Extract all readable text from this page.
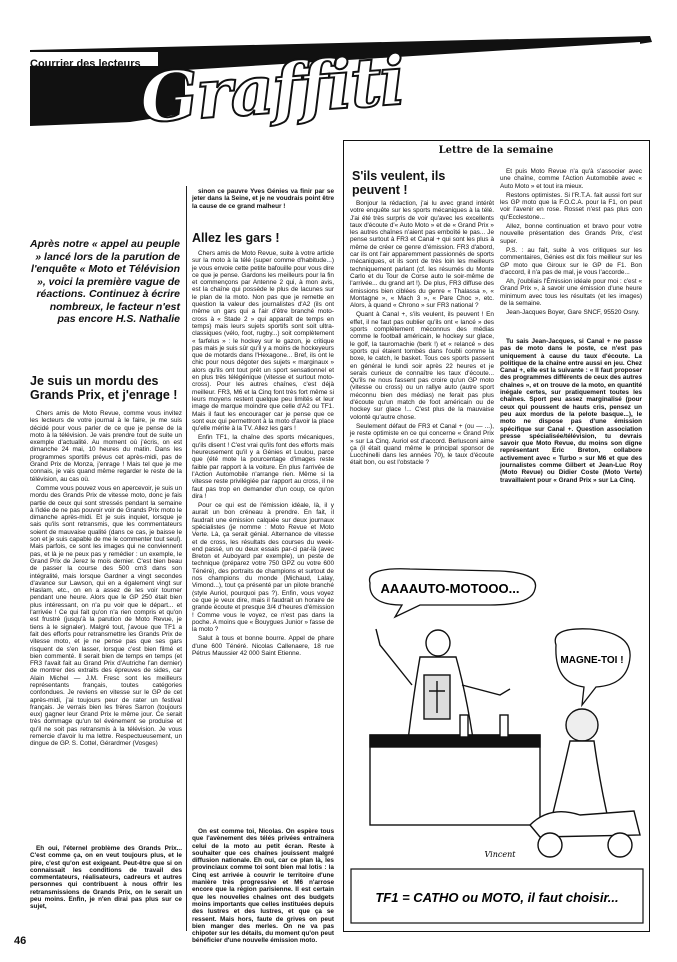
Courrier des lecteurs
Graffiti
Après notre « appel au peuple » lancé lors de la parution de l'enquête « Moto et Télévision », voici la première vague de réactions. Continuez à écrire nombreux, le facteur n'est pas encore H.S. Nathalie
Je suis un mordu des Grands Prix, et j'enrage !

Chers amis de Moto Revue, comme vous invitez les lecteurs de votre journal à le faire, je me suis décidé pour vous parler de ce que je pense de la moto à la télévision. Je vais prendre tout de suite un exemple d'actualité. Au moment où j'écris, on est dimanche 24 mai, 10 heures du matin. Dans les programmes sportifs prévus cet après-midi, pas de Grand Prix de Monza, j'enrage ! Mais tel que je me connais, je vais quand même regarder le reste de la télévision, au cas où.

Comme vous pouvez vous en apercevoir, je suis un mordu des Grands Prix de vitesse moto, donc je fais partie de ceux qui sont stressés pendant la semaine à l'idée de ne pas pouvoir voir de Grands Prix moto le dimanche après-midi. Et je suis inquiet, lorsque je sais qu'ils sont retransmis, que les commentateurs soient de mauvaise qualité (dans ce cas, je baisse le son et je suis capable de me le commenter tout seul). Mais parfois, ce sont les images qui ne conviennent pas, et là je ne peux pas y remédier : un exemple, le Grand Prix de Jerez le mois dernier. C'est bien beau de passer la course des 500 cm3 dans son intégralité, mais lorsque Gardner a vingt secondes d'avance sur Lawson, qui en a également vingt sur Haslam, etc., on en a assez de les voir tourner pendant une heure. Alors que le GP 250 était bien plus intéressant, on n'a pu voir que le départ... et l'arrivée ! Ce qui fait qu'on n'a rien compris et qu'on est frustré (jusqu'à la parution de Moto Revue, je tiens à le signaler). Malgré tout, j'avoue que TF1 a fait des efforts pour retransmettre les Grands Prix de vitesse moto, et je ne pense pas que ses gars risquent de s'en lasser, lorsque c'est bien filmé et bien commenté. Il serait bien de temps en temps (et FR3 l'avait fait au Grand Prix d'Autriche l'an dernier) de montrer des extraits des épreuves de sides, car Alain Michel — J.M. Fresc sont les meilleurs représentants français, toutes catégories confondues. Je reviens en vitesse sur le GP de cet après-midi, j'ai toujours peur de rater un festival français. Je verrais bien les frères Sarron (toujours eux) gagner leur Grand Prix le même jour. Ce serait très dommage qu'un tel événement se produise et qu'il ne soit pas retransmis à la télévision. Je vous remercie d'avoir lu ma lettre. Respectueusement, un dingue de GP. S. Cottel, Gérardmer (Vosges)

Eh oui, l'éternel problème des Grands Prix... C'est comme ça, on en veut toujours plus, et le pire, c'est qu'on est exigeant. Peut-être que si on connaissait les conditions de travail des commentateurs, réalisateurs, cadreurs et autres personnes qui contribuent à nous offrir les retransmissions de Grands Prix, on le serait un peu moins. Enfin, je n'en dirai pas plus sur ce sujet,

sinon ce pauvre Yves Génies va finir par se jeter dans la Seine, et je ne voudrais point être la cause de ce grand malheur !

Allez les gars !

Chers amis de Moto Revue, suite à votre article sur la moto à la télé (super comme d'habitude...) je vous envoie cette petite bafouille pour vous dire ce que je pense. Gardons les meilleurs pour la fin et commençons par Antenne 2 qui, à mon avis, est la chaîne qui possède le plus de lacunes sur le plan de la moto. Non pas que je remette en question la valeur des journalistes d'A2 (ils ont même un gars qui a l'air d'être branché moto-cross à « Stade 2 » qui apparaît de temps en temps) mais leurs sujets sportifs sont soit ultra-classiques (vélo, foot, rugby...) soit complètement « farfelus » : le hockey sur le gazon, je critique pas mais je suis sûr qu'il y a moins de hockeyeurs que de motards dans l'Hexagone... Bref, ils ont le chic pour nous dégoter des sujets « marginaux » alors qu'ils ont tout prêt un sport sensationnel et en plus très télégénique (vitesse et surtout moto-cross). Pour les autres chaînes, c'est déjà meilleur. FR3, M6 et la Cinq font très fort même si leurs moyens restent quelque peu limités et leur image de marque moindre que celle d'A2 ou TF1. Mais il faut les encourager car je pense que ce sont eux qui permettront à la moto d'avoir la place qu'elle mérite à la TV. Allez les gars !

Enfin TF1, la chaîne des sports mécaniques, qu'ils disent ! C'est vrai qu'ils font des efforts mais heureusement qu'il y a Génies et Loulou, parce que (été mote la pourcentage d'images reste faible par rapport à la voiture. En plus l'arrivée de l'Action Automobile n'arrange rien. Même si la vitesse reste privilégiée par rapport au cross, il ne faut pas trop en demander d'un coup, ce qu'on dira !

Pour ce qui est de l'émission idéale, là, il y aurait un bon créneau à prendre. En fait, il faudrait une émission calquée sur deux journaux spécialistes (je nomme : Moto Revue et Moto Verte. Là, ça serait génial. Alternance de vitesse et de cross, les résultats des courses du week-end passé, un ou deux essais par-ci par-là (avec Breton et Auboyard par exemple), un peste de technique (préparez votre 750 GPZ ou votre 600 Ténéré), des portraits de champions et surtout de nos champions du monde (Michaud, Lalay, Vimond...), tout ça présenté par un pilote branché (style Auriol, pourquoi pas ?). Enfin, vous voyez ce que je veux dire, mais il faudrait un horaire de grande écoute et presque 3/4 d'heures d'émission ! Comme vous le voyez, ce n'est pas dans la poche. A moins que « Bouygues Junior » fasse de la moto ?

Salut à tous et bonne bourre. Appel de phare d'une 600 Ténéré. Nicolas Callenaere, 18 rue Pétrus Maussier 42 000 Saint Etienne.

On est comme toi, Nicolas. On espère tous que l'avènement des télés privées entraînera celui de la moto au petit écran. Reste à souhaiter que ces chaînes jouissent malgré diffusion nationale. Eh oui, car ce plan là, les provinciaux comme toi sont bien mal lotis : la Cinq est arrivée à couvrir le territoire d'une manière très progressive et M6 n'arrose encore que la région parisienne. Il est certain que les nouvelles chaînes ont des budgets moins importants que celles instituées depuis des lustres et des lustres, et que ça se ressent. Mais hors, faute de grives on peut bien manger des merles. On ne va pas chipoter sur les détails, du moment qu'on peut bénéficier d'une nouvelle émission moto.

Lettre de la semaine
S'ils veulent, ils peuvent !

Bonjour la rédaction, j'ai lu avec grand intérêt votre enquête sur les sports mécaniques à la télé. J'ai été très surpris de voir qu'avec les excellents taux d'écoute d'« Auto Moto » et de « Grand Prix » les autres chaînes n'aient pas emboîté le pas... Je pense surtout à FR3 et Canal + qui sont les plus à même de créer ce genre d'émission. FR3 d'abord, car ils ont l'air apparemment passionnés de sports mécaniques, et ils sont de très loin les meilleurs techniquement parlant (cf. les résumés du Monte Carlo et du Tour de Corse auto le soir-même de l'arrivée... du grand art !). De plus, FR3 diffuse des émissions bien ciblées du genre « Thalassa », « Montagne », « Mach 3 », « Pare Choc », etc. Alors, à quand « Chrono » sur FR3 national ?

Quant à Canal +, s'ils veulent, ils peuvent ! En effet, il ne faut pas oublier qu'ils ont « lancé » des sports complètement méconnus des médias comme le football américain, le hockey sur glace, le golf, la tauromachie (berk !) et « relancé » des sports qui étaient tombés dans l'oubli comme la boxe, le catch, le basket. Tous ces sports passent en général le lundi soir après 22 heures et je serais curieux de connaître les taux d'écoute... Qu'ils ne nous fassent pas croire qu'un GP moto (vitesse ou cross) ou un rallye auto (autre sport méconnu bien des médias) ne ferait pas plus d'écoute qu'un match de foot américain ou de hockey sur glace !... C'est plus de la mauvaise volonté qu'autre chose.

Seulement défaut de FR3 et Canal + (ou — ...), je reste optimiste en ce qui concerne « Grand Prix » sur La Cinq. Auriol est d'accord. Berlusconi aime ça (il était quand même le principal sponsor de Lucchinelli dans les années 70), le taux d'écoute était bon, ou est l'obstacle ?

Et puis Moto Revue n'a qu'à s'associer avec une chaîne, comme l'Action Automobile avec « Auto Moto » et tout ira mieux.

Restons optimistes. Si l'R.T.A. fait aussi fort sur les GP moto que la F.O.C.A. pour la F1, on peut voir l'avenir en rose. Rosset n'est pas plus con qu'Ecclestone...

Allez, bonne continuation et bravo pour votre nouvelle présentation des Grands Prix, c'est super.

P.S. : au fait, suite à vos critiques sur les commentaires, Génies est dix fois meilleur sur les GP moto que Giroux sur le GP de F1. Bon d'accord, il n'a pas de mal, je vous l'accorde...

Ah, j'oubliais l'Émission idéale pour moi : c'est « Grand Prix », à savoir une émission d'une heure minimum avec tous les résultats (et les images) de la semaine.

Jean-Jacques Boyer, Gare SNCF, 95520 Osny.

Tu sais Jean-Jacques, si Canal + ne passe pas de moto dans le poste, ce n'est pas uniquement à cause du taux d'écoute. La politique de la chaîne entre aussi en jeu. Chez Canal +, elle est la suivante : « Il faut proposer des programmes différents de ceux des autres chaînes », et on trouve de la moto, en quantité inégale certes, sur pratiquement toutes les chaînes. Sport peu assez marginalisé (pour ceux qui poussent de hauts cris, pensez un peu aux mordus de la pelote basque...), le moto ne dispose pas d'une émission spécifique sur Canal +. Question association presse spécialisée/télévision, tu devrais savoir que Moto Revue, du moins son digne représentant Eric Breton, collabore activement avec « Turbo » sur M6 et que des journalistes comme Gilbert et Jean-Luc Roy (Moto Revue) ou Didier Coste (Moto Verte) travaillaient pour « Grand Prix » sur La Cinq.

AAAAUTO-MOTOOO...
MAGNE-TOI !
Vincent
TF1 = CATHO ou MOTO, il faut choisir...
46
